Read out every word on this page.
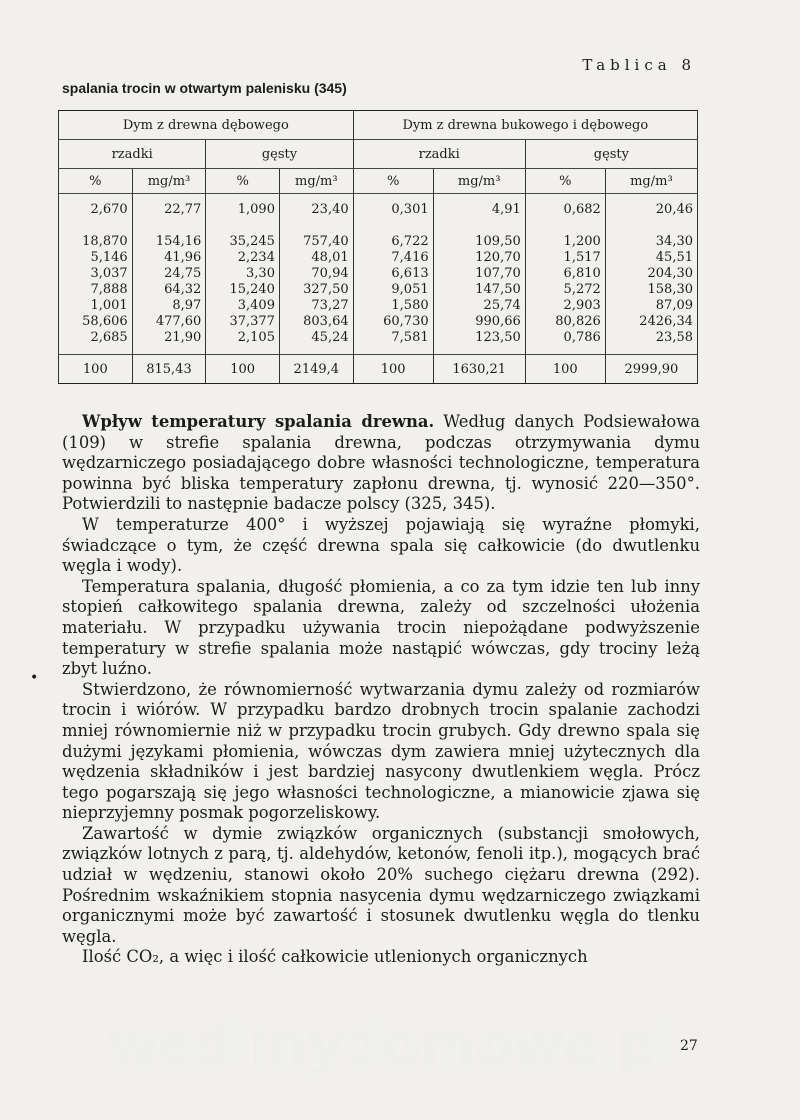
Tablica 8
spalania trocin w otwartym palenisku (345)
Dym z drewna dębowego				Dym z drewna bukowego i dębowego			
rzadki		gęsty		rzadki		gęsty	
%	mg/m³	%	mg/m³	%	mg/m³	%	mg/m³
2,670	22,77	1,090	23,40	0,301	4,91	0,682	20,46

18,870	154,16	35,245	757,40	6,722	109,50	1,200	34,30
5,146	41,96	2,234	48,01	7,416	120,70	1,517	45,51
3,037	24,75	3,30	70,94	6,613	107,70	6,810	204,30
7,888	64,32	15,240	327,50	9,051	147,50	5,272	158,30
1,001	8,97	3,409	73,27	1,580	25,74	2,903	87,09
58,606	477,60	37,377	803,64	60,730	990,66	80,826	2426,34
2,685	21,90	2,105	45,24	7,581	123,50	0,786	23,58
100	815,43	100	2149,4	100	1630,21	100	2999,90
•

Wpływ temperatury spalania drewna. Według danych Podsiewałowa (109) w strefie spalania drewna, podczas otrzymywania dymu wędzarniczego posiadającego dobre własności technologiczne, temperatura powinna być bliska temperatury zapłonu drewna, tj. wynosić 220—350°. Potwierdzili to następnie badacze polscy (325, 345).

W temperaturze 400° i wyższej pojawiają się wyraźne płomyki, świadczące o tym, że część drewna spala się całkowicie (do dwutlenku węgla i wody).

Temperatura spalania, długość płomienia, a co za tym idzie ten lub inny stopień całkowitego spalania drewna, zależy od szczelności ułożenia materiału. W przypadku używania trocin niepożądane podwyższenie temperatury w strefie spalania może nastąpić wówczas, gdy trociny leżą zbyt luźno.

Stwierdzono, że równomierność wytwarzania dymu zależy od rozmiarów trocin i wiórów. W przypadku bardzo drobnych trocin spalanie zachodzi mniej równomiernie niż w przypadku trocin grubych. Gdy drewno spala się dużymi językami płomienia, wówczas dym zawiera mniej użytecznych dla wędzenia składników i jest bardziej nasycony dwutlenkiem węgla. Prócz tego pogarszają się jego własności technologiczne, a mianowicie zjawa się nieprzyjemny posmak pogorzeliskowy.

Zawartość w dymie związków organicznych (substancji smołowych, związków lotnych z parą, tj. aldehydów, ketonów, fenoli itp.), mogących brać udział w wędzeniu, stanowi około 20% suchego ciężaru drewna (292). Pośrednim wskaźnikiem stopnia nasycenia dymu wędzarniczego związkami organicznymi może być zawartość i stosunek dwutlenku węgla do tlenku węgla.

Ilość CO₂, a więc i ilość całkowicie utlenionych organicznych

wedlinydomowe.pl 27
